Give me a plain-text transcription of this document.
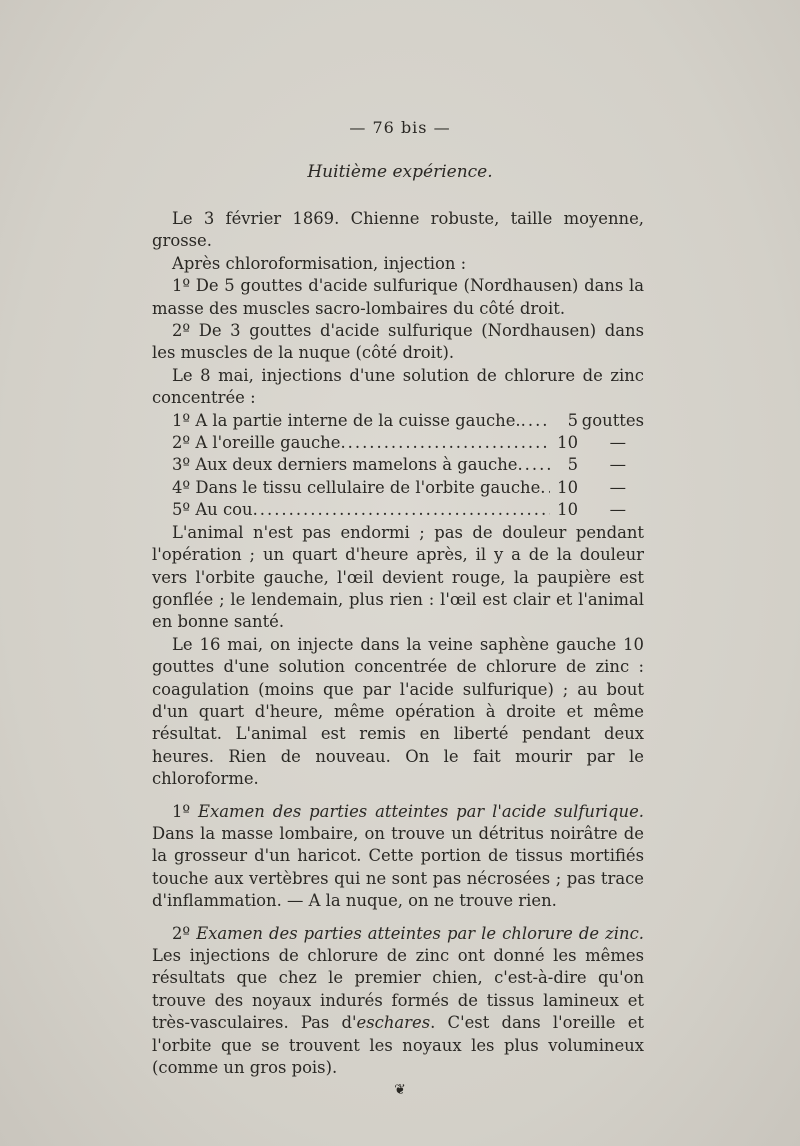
— 76 bis —
Huitième expérience.

Le 3 février 1869. Chienne robuste, taille moyenne, grosse.

Après chloroformisation, injection :

1º De 5 gouttes d'acide sulfurique (Nordhausen) dans la masse des muscles sacro-lombaires du côté droit.

2º De 3 gouttes d'acide sulfurique (Nordhausen) dans les muscles de la nuque (côté droit).

Le 8 mai, injections d'une solution de chlorure de zinc concentrée :

1º A la partie interne de la cuisse gauche. .....	5 gouttes
2º A l'oreille gauche .....	10	—
3º Aux deux derniers mamelons à gauche .....	5	—
4º Dans le tissu cellulaire de l'orbite gauche .....	10	—
5º Au cou .....	10	—

L'animal n'est pas endormi ; pas de douleur pendant l'opération ; un quart d'heure après, il y a de la douleur vers l'orbite gauche, l'œil devient rouge, la paupière est gonflée ; le lendemain, plus rien : l'œil est clair et l'animal en bonne santé.

Le 16 mai, on injecte dans la veine saphène gauche 10 gouttes d'une solution concentrée de chlorure de zinc : coagulation (moins que par l'acide sulfurique) ; au bout d'un quart d'heure, même opération à droite et même résultat. L'animal est remis en liberté pendant deux heures. Rien de nouveau. On le fait mourir par le chloroforme.

1º Examen des parties atteintes par l'acide sulfurique. Dans la masse lombaire, on trouve un détritus noirâtre de la grosseur d'un haricot. Cette portion de tissus mortifiés touche aux vertèbres qui ne sont pas nécrosées ; pas trace d'inflammation. — A la nuque, on ne trouve rien.

2º Examen des parties atteintes par le chlorure de zinc. Les injections de chlorure de zinc ont donné les mêmes résultats que chez le premier chien, c'est-à-dire qu'on trouve des noyaux indurés formés de tissus lamineux et très-vasculaires. Pas d'eschares. C'est dans l'oreille et l'orbite que se trouvent les noyaux les plus volumineux (comme un gros pois).

❦
